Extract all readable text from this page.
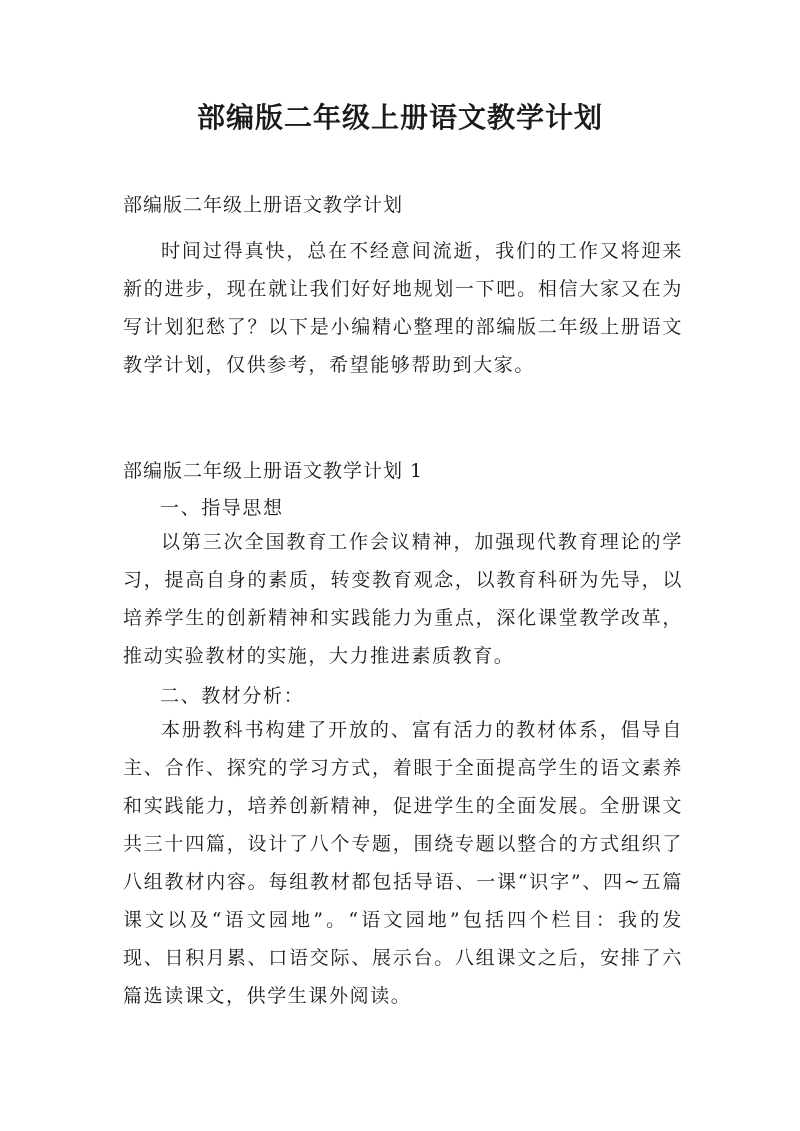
部编版二年级上册语文教学计划

部编版二年级上册语文教学计划

时间过得真快，总在不经意间流逝，我们的工作又将迎来新的进步，现在就让我们好好地规划一下吧。相信大家又在为写计划犯愁了？以下是小编精心整理的部编版二年级上册语文教学计划，仅供参考，希望能够帮助到大家。

部编版二年级上册语文教学计划 1

一、指导思想

以第三次全国教育工作会议精神，加强现代教育理论的学习，提高自身的素质，转变教育观念，以教育科研为先导，以培养学生的创新精神和实践能力为重点，深化课堂教学改革，推动实验教材的实施，大力推进素质教育。

二、教材分析：

本册教科书构建了开放的、富有活力的教材体系，倡导自主、合作、探究的学习方式，着眼于全面提高学生的语文素养和实践能力，培养创新精神，促进学生的全面发展。全册课文共三十四篇，设计了八个专题，围绕专题以整合的方式组织了八组教材内容。每组教材都包括导语、一课“识字”、四~五篇课文以及“语文园地”。“语文园地”包括四个栏目：我的发现、日积月累、口语交际、展示台。八组课文之后，安排了六篇选读课文，供学生课外阅读。
